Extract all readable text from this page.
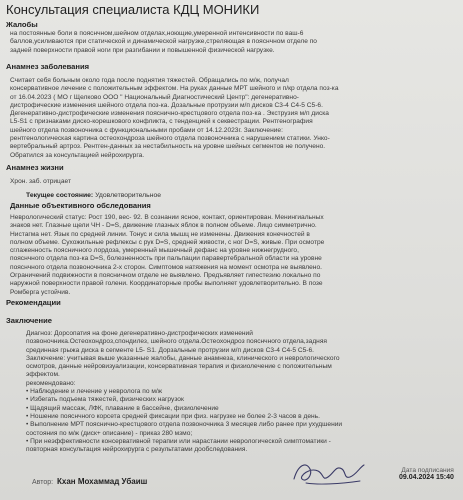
Консультация специалиста КДЦ МОНИКИ
Жалобы
на постоянные боли в пояснчном,шейном отделах,ноющие,умеренной интенсивности по ваш-6
баллов,усиливаются при статической и динамической нагрузке,стреляющая в пояснчном отделе по
задней поверхности правой ноги при разгибании и повышенной физической нагрузке.
Анамнез заболевания
Считает себя больным около года после поднятия тяжестей. Обращались по м/ж, получал
консервативное лечение с положительным эффектом. На руках данные МРТ шейного и п/кр отдела поз-ка
от 16.04.2023 ( МО г Щелково ООО " Национальный Диагностический Центр": дегенеративно-
дистрофические изменения шейного отдела поз-ка. Дозальные протрузии м/п дисков С3-4 С4-5 С5-6.
Дегенеративно-дистрофические изменения пояснично-крестцового отдела поз-ка . Экструзия м/п диска
L5-S1 с признаками диско-корешкового конфликта, с тенденцией к секвестрации. Рентгенография
шейного отдела позвоночника с функциональными пробами от 14.12.2023г. Заключение:
рентгенологическая картина остеохондроза шейного отдела позвоночника с нарушением статики. Унко-
вертебральный артроз. Рентген-данных за нестабильность на уровне шейных сегментов не получено.
Обратился за консультацией нейрохирурга.
Анамнез жизни
Хрон. заб. отрицает
Текущее состояние: Удовлетворительное
Данные объективного обследования
Неврологический статус: Рост 190, вес- 92. В сознании ясное, контакт, ориентирован. Менингиальных
знаков нет. Глазные щели ЧН - D=S, движение глазных яблок в полном объеме. Лицо симметрично.
Нистагма нет. Язык по средней линии. Тонус и сила мышц не изменены. Движения конечностей в
полном объеме. Сухожильные рефлексы с рук D=S, средней живости, с ног D=S, живые. При осмотре
сглаженность поясничного лордоза, умеренный мышечный дефанс на уровне нижнегрудного,
пояснчного отдела поз-ка D=S, болезненность при пальпации паравертебральной области на уровне
пояснчного отдела позвоночника 2-х сторон. Симптомов натяжения на момент осмотра не выявлено.
Ограничений подвижности в поясничном отделе не выявлено. Предъявляет гипестезию локально по
наружной поверхности правой голени. Координаторные пробы выполняет удовлетворительно. В позе
Ромберга устойчив.
Рекомендации
Заключение
Диагноз: Дорсопатия на фоне дегенеративно-дистрофических изменений
позвоночника.Остеохондроз,спондилез, шейного отдела.Остеохондроз пояснчного отдела,задняя
срединная грыжа диска в сегменте L5- S1. Дорзальные протрузии м/п дисков С3-4 С4-5 С5-6.
Заключение: учитывая выше указанные жалобы, данные анамнеза, клинического и неврологического
осмотров, данные нейровизуализации, консервативная терапия и физиолечение с положительным
эффектом.
рекомендовано:
• Наблюдение и лечение у невролога по м/ж
• Избегать подъема тяжестей, физических нагрузок
• Щадящий массаж, ЛФК, плавание в бассейне, физиолечение
• Ношение пояснчного корсета средней фиксации при физ. нагрузке не более 2-3 часов в день.
• Выполнение МРТ пояснично-крестцового отдела позвоночника 3 месяцев либо ранее при ухудшении
состояния по м/ж (диск+ описание) - приказ 280 мзмо;
• При неэффективности консервативной терапии или нарастании неврологической симптоматики -
повторная консультация нейрохирурга с результатами дообследования.
Автор: Кхан Мохаммад Убаиш
Дата подписания
09.04.2024 15:40
